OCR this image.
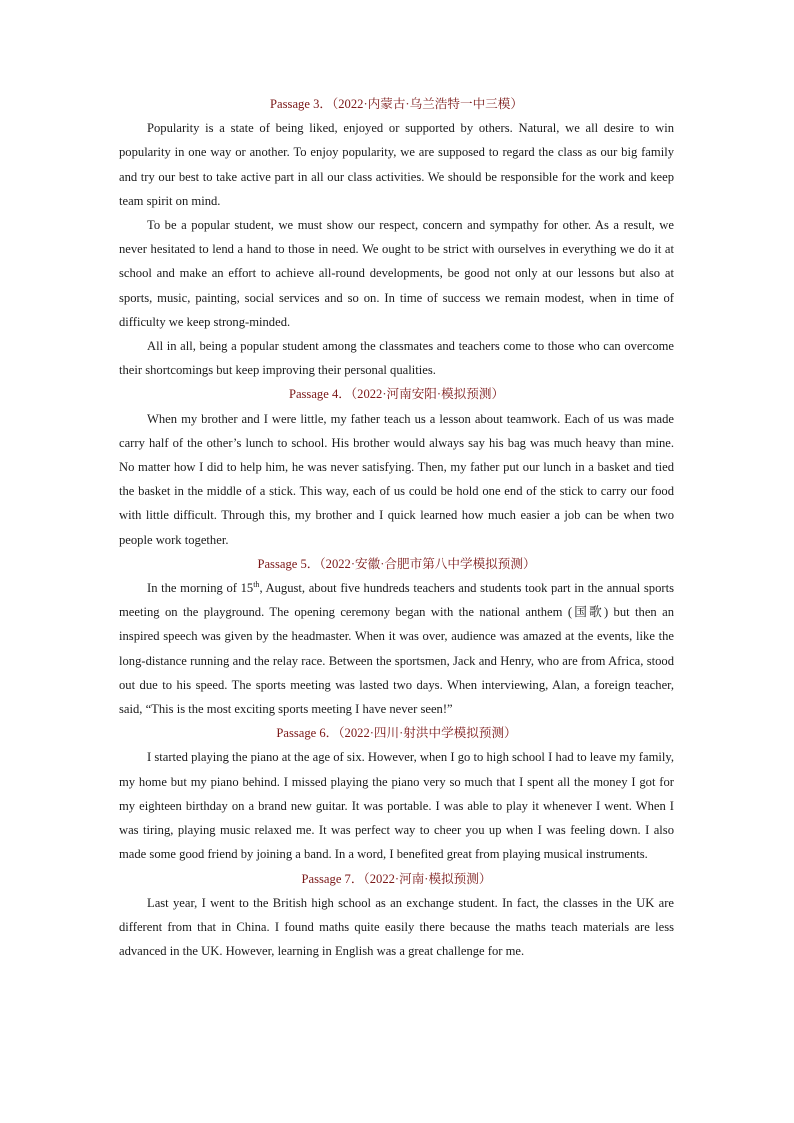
Passage 3．（2022·内蒙古·乌兰浩特一中三模）

Popularity is a state of being liked, enjoyed or supported by others. Natural, we all desire to win popularity in one way or another. To enjoy popularity, we are supposed to regard the class as our big family and try our best to take active part in all our class activities. We should be responsible for the work and keep team spirit on mind.

To be a popular student, we must show our respect, concern and sympathy for other. As a result, we never hesitated to lend a hand to those in need. We ought to be strict with ourselves in everything we do it at school and make an effort to achieve all-round developments, be good not only at our lessons but also at sports, music, painting, social services and so on. In time of success we remain modest, when in time of difficulty we keep strong-minded.

All in all, being a popular student among the classmates and teachers come to those who can overcome their shortcomings but keep improving their personal qualities.

Passage 4．（2022·河南安阳·模拟预测）

When my brother and I were little, my father teach us a lesson about teamwork. Each of us was made carry half of the other’s lunch to school. His brother would always say his bag was much heavy than mine. No matter how I did to help him, he was never satisfying. Then, my father put our lunch in a basket and tied the basket in the middle of a stick. This way, each of us could be hold one end of the stick to carry our food with little difficult. Through this, my brother and I quick learned how much easier a job can be when two people work together.

Passage 5．（2022·安徽·合肥市第八中学模拟预测）

In the morning of 15th, August, about five hundreds teachers and students took part in the annual sports meeting on the playground. The opening ceremony began with the national anthem (国歌) but then an inspired speech was given by the headmaster. When it was over, audience was amazed at the events, like the long-distance running and the relay race. Between the sportsmen, Jack and Henry, who are from Africa, stood out due to his speed. The sports meeting was lasted two days. When interviewing, Alan, a foreign teacher, said, “This is the most exciting sports meeting I have never seen!”

Passage 6．（2022·四川·射洪中学模拟预测）

I started playing the piano at the age of six. However, when I go to high school I had to leave my family, my home but my piano behind. I missed playing the piano very so much that I spent all the money I got for my eighteen birthday on a brand new guitar. It was portable. I was able to play it whenever I went. When I was tiring, playing music relaxed me. It was perfect way to cheer you up when I was feeling down. I also made some good friend by joining a band. In a word, I benefited great from playing musical instruments.

Passage 7．（2022·河南·模拟预测）

Last year, I went to the British high school as an exchange student. In fact, the classes in the UK are different from that in China. I found maths quite easily there because the maths teach materials are less advanced in the UK. However, learning in English was a great challenge for me.
